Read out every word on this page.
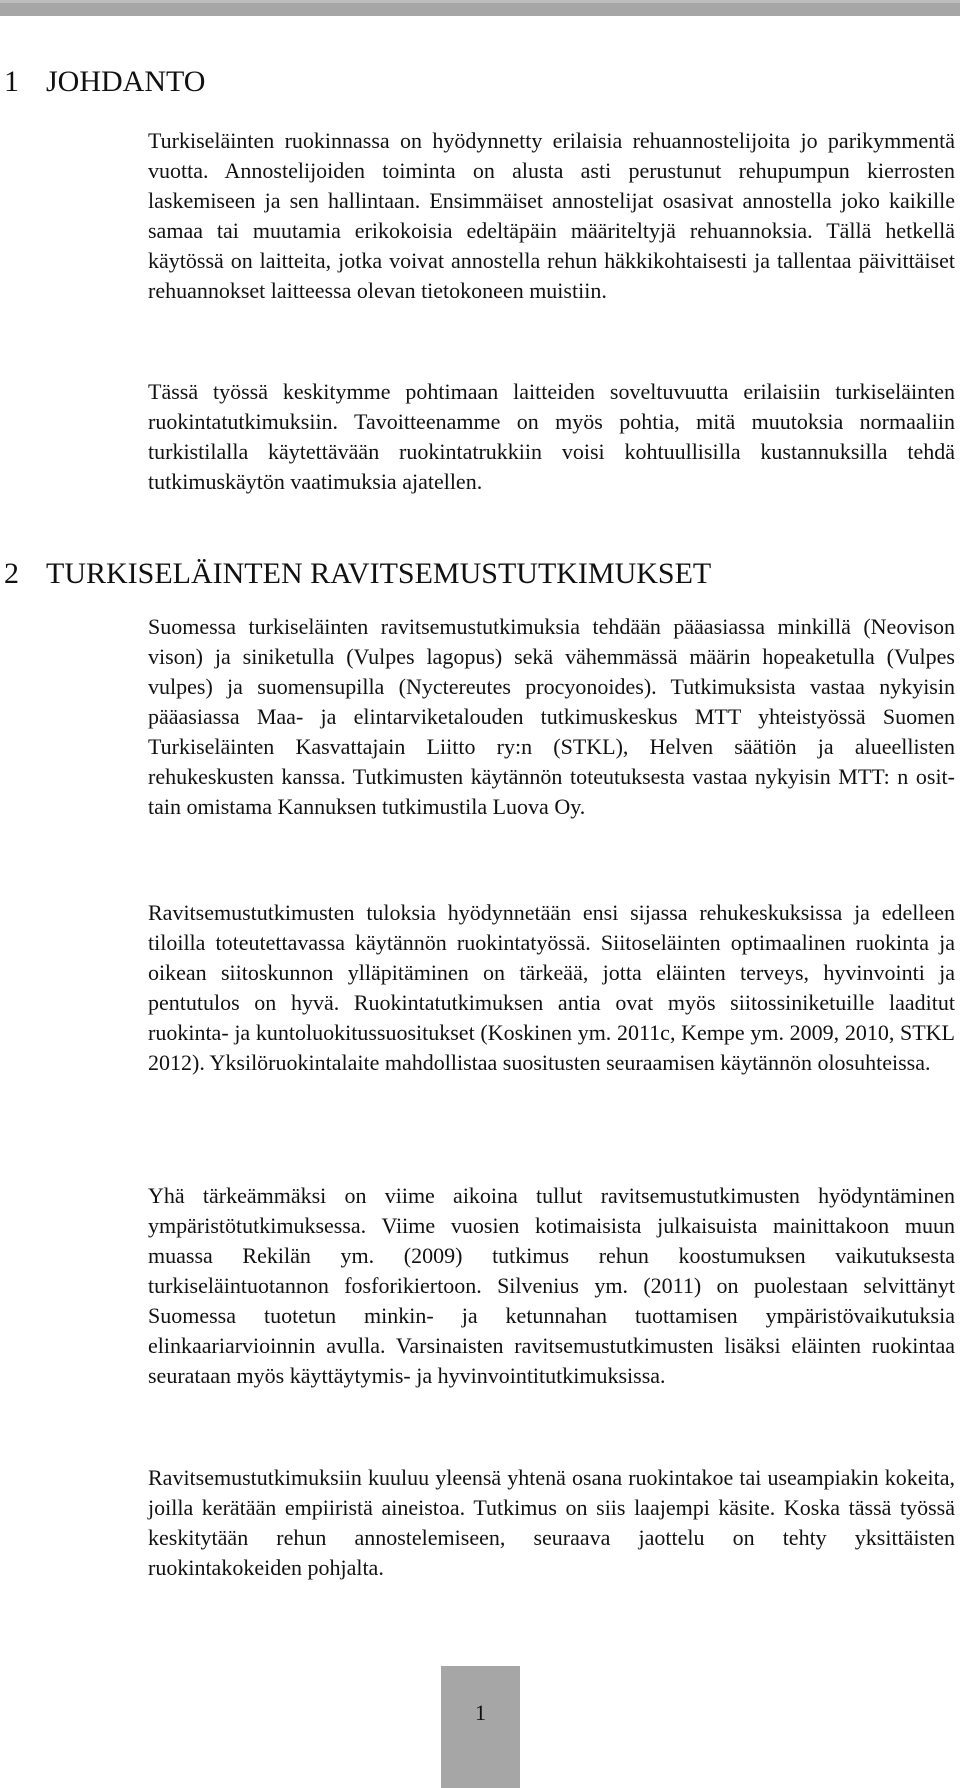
1 JOHDANTO

Turkiseläinten ruokinnassa on hyödynnetty erilaisia rehuannostelijoita jo parikymmentä vuotta. Annostelijoiden toiminta on alusta asti perustunut rehupumpun kierrosten laskemiseen ja sen hallintaan. Ensimmäiset annostelijat osasivat annostella joko kaikille samaa tai muutamia erikokoisia edeltäpäin määriteltyjä rehuannoksia. Tällä hetkellä käytössä on laitteita, jotka voivat annostella rehun häkkikohtaisesti ja tallentaa päivittäiset rehuannokset laitteessa olevan tietokoneen muistiin.

Tässä työssä keskitymme pohtimaan laitteiden soveltuvuutta erilaisiin turkiseläinten ruokintatutkimuksiin. Tavoitteenamme on myös pohtia, mitä muutoksia normaaliin turkistilalla käytettävään ruokintatrukkiin voisi kohtuullisilla kustannuksilla tehdä tutkimuskäytön vaatimuksia ajatellen.

2 TURKISELÄINTEN RAVITSEMUSTUTKIMUKSET

Suomessa turkiseläinten ravitsemustutkimuksia tehdään pääasiassa minkillä (Neovison vison) ja siniketulla (Vulpes lagopus) sekä vähemmässä määrin hopeaketulla (Vulpes vulpes) ja suomensupilla (Nyctereutes procyonoides). Tutkimuksista vastaa nykyisin pääasiassa Maa- ja elintarviketalouden tutkimuskeskus MTT yhteistyössä Suomen Turkiseläinten Kasvattajain Liitto ry:n (STKL), Helven säätiön ja alueellisten rehukeskusten kanssa. Tutkimusten käytännön toteutuksesta vastaa nykyisin MTT: n osittain omistama Kannuksen tutkimustila Luova Oy.

Ravitsemustutkimusten tuloksia hyödynnetään ensi sijassa rehukeskuksissa ja edelleen tiloilla toteutettavassa käytännön ruokintatyössä. Siitoseläinten optimaalinen ruokinta ja oikean siitoskunnon ylläpitäminen on tärkeää, jotta eläinten terveys, hyvinvointi ja pentutulos on hyvä. Ruokintatutkimuksen antia ovat myös siitossiniketuille laaditut ruokinta- ja kuntoluokitussuositukset (Koskinen ym. 2011c, Kempe ym. 2009, 2010, STKL 2012). Yksilöruokintalaite mahdollistaa suositusten seuraamisen käytännön olosuhteissa.

Yhä tärkeämmäksi on viime aikoina tullut ravitsemustutkimusten hyödyntäminen ympäristötutkimuksessa. Viime vuosien kotimaisista julkaisuista mainittakoon muun muassa Rekilän ym. (2009) tutkimus rehun koostumuksen vaikutuksesta turkiseläintuotannon fosforikiertoon. Silvenius ym. (2011) on puolestaan selvittänyt Suomessa tuotetun minkin- ja ketunnahan tuottamisen ympäristövaikutuksia elinkaariarvioinnin avulla. Varsinaisten ravitsemustutkimusten lisäksi eläinten ruokintaa seurataan myös käyttäytymis- ja hyvinvointitutkimuksissa.

Ravitsemustutkimuksiin kuuluu yleensä yhtenä osana ruokintakoe tai useampiakin kokeita, joilla kerätään empiiristä aineistoa. Tutkimus on siis laajempi käsite. Koska tässä työssä keskitytään rehun annostelemiseen, seuraava jaottelu on tehty yksittäisten ruokintakokeiden pohjalta.

1
